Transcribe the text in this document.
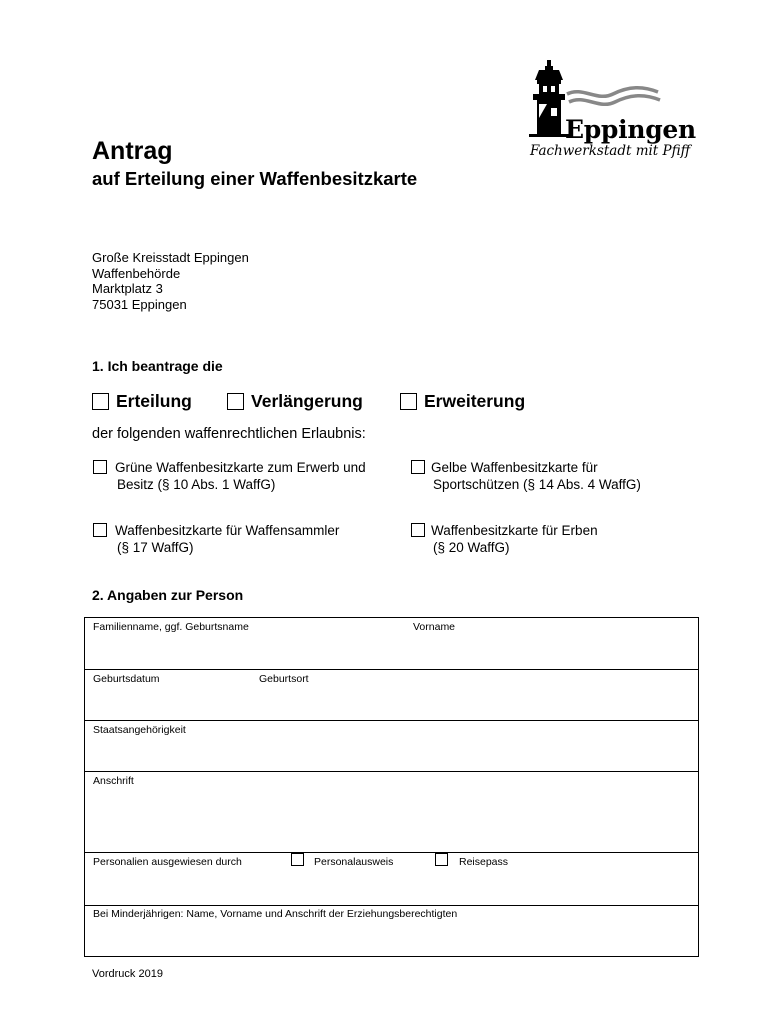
Eppingen
Fachwerkstadt mit Pfiff
Antrag
auf Erteilung einer Waffenbesitzkarte
Große Kreisstadt Eppingen
Waffenbehörde
Marktplatz 3
75031 Eppingen
1. Ich beantrage die
Erteilung	Verlängerung	Erweiterung
der folgenden waffenrechtlichen Erlaubnis:
Grüne Waffenbesitzkarte zum Erwerb und
Besitz (§ 10 Abs. 1 WaffG)
Gelbe Waffenbesitzkarte für
Sportschützen (§ 14 Abs. 4 WaffG)
Waffenbesitzkarte für Waffensammler
(§ 17 WaffG)
Waffenbesitzkarte für Erben
(§ 20 WaffG)
2. Angaben zur Person
Familienname, ggf. Geburtsname	Vorname
Geburtsdatum	Geburtsort
Staatsangehörigkeit
Anschrift
Personalien ausgewiesen durch	Personalausweis	Reisepass
Bei Minderjährigen: Name, Vorname und Anschrift der Erziehungsberechtigten
Vordruck 2019
